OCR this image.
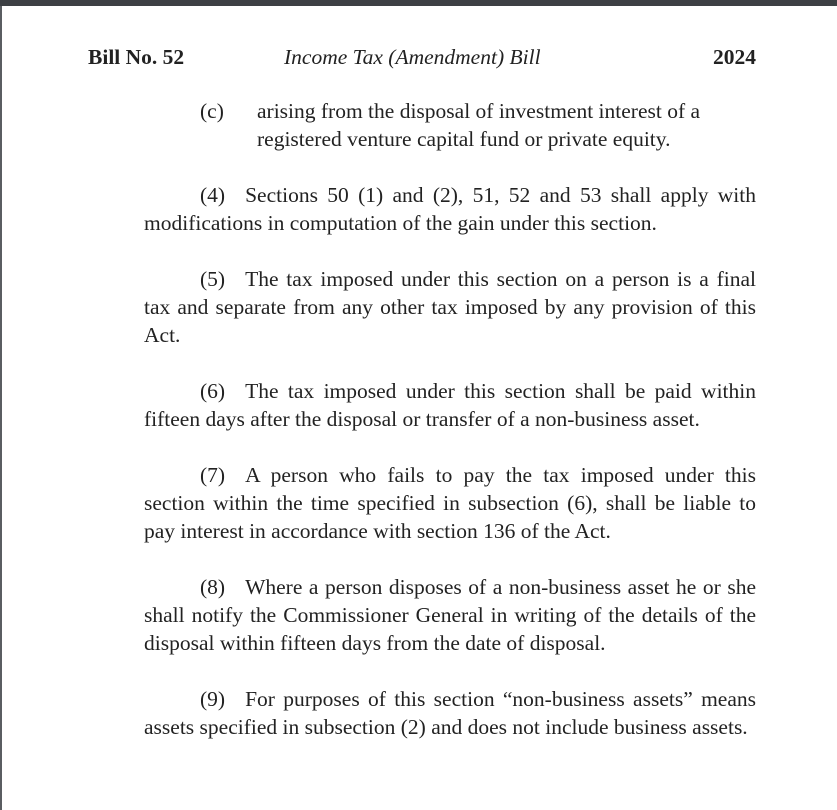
Bill No. 52	Income Tax (Amendment) Bill	2024
(c) arising from the disposal of investment interest of a registered venture capital fund or private equity.

(4) Sections 50 (1) and (2), 51, 52 and 53 shall apply with modifications in computation of the gain under this section.

(5) The tax imposed under this section on a person is a final tax and separate from any other tax imposed by any provision of this Act.

(6) The tax imposed under this section shall be paid within fifteen days after the disposal or transfer of a non-business asset.

(7) A person who fails to pay the tax imposed under this section within the time specified in subsection (6), shall be liable to pay interest in accordance with section 136 of the Act.

(8) Where a person disposes of a non-business asset he or she shall notify the Commissioner General in writing of the details of the disposal within fifteen days from the date of disposal.

(9) For purposes of this section “non-business assets” means assets specified in subsection (2) and does not include business assets.
